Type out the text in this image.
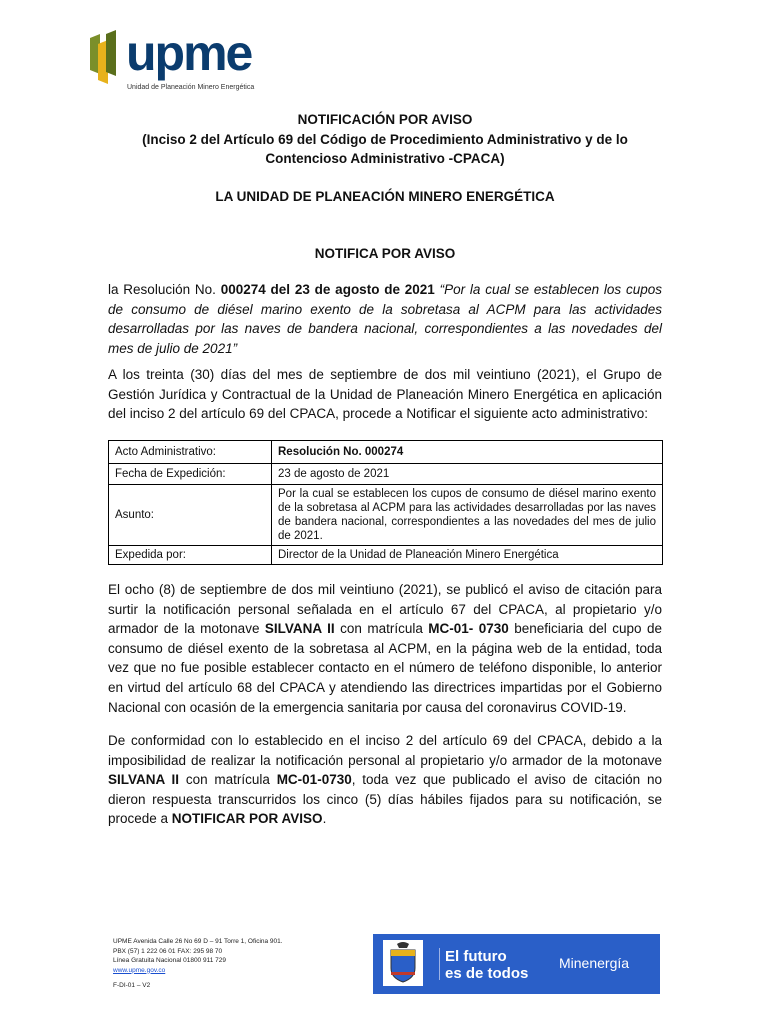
upme
Unidad de Planeación Minero Energética
NOTIFICACIÓN POR AVISO
(Inciso 2 del Artículo 69 del Código de Procedimiento Administrativo y de lo
Contencioso Administrativo -CPACA)
LA UNIDAD DE PLANEACIÓN MINERO ENERGÉTICA
NOTIFICA POR AVISO
la Resolución No. 000274 del 23 de agosto de 2021 “Por la cual se establecen los cupos de consumo de diésel marino exento de la sobretasa al ACPM para las actividades desarrolladas por las naves de bandera nacional, correspondientes a las novedades del mes de julio de 2021”
A los treinta (30) días del mes de septiembre de dos mil veintiuno (2021), el Grupo de Gestión Jurídica y Contractual de la Unidad de Planeación Minero Energética en aplicación del inciso 2 del artículo 69 del CPACA, procede a Notificar el siguiente acto administrativo:
Acto Administrativo:	Resolución No. 000274
Fecha de Expedición:	23 de agosto de 2021
Asunto:	Por la cual se establecen los cupos de consumo de diésel marino exento de la sobretasa al ACPM para las actividades desarrolladas por las naves de bandera nacional, correspondientes a las novedades del mes de julio de 2021.
Expedida por:	Director de la Unidad de Planeación Minero Energética
El ocho (8) de septiembre de dos mil veintiuno (2021), se publicó el aviso de citación para surtir la notificación personal señalada en el artículo 67 del CPACA, al propietario y/o armador de la motonave SILVANA II con matrícula MC-01- 0730 beneficiaria del cupo de consumo de diésel exento de la sobretasa al ACPM, en la página web de la entidad, toda vez que no fue posible establecer contacto en el número de teléfono disponible, lo anterior en virtud del artículo 68 del CPACA y atendiendo las directrices impartidas por el Gobierno Nacional con ocasión de la emergencia sanitaria por causa del coronavirus COVID-19.
De conformidad con lo establecido en el inciso 2 del artículo 69 del CPACA, debido a la imposibilidad de realizar la notificación personal al propietario y/o armador de la motonave SILVANA II con matrícula MC-01-0730, toda vez que publicado el aviso de citación no dieron respuesta transcurridos los cinco (5) días hábiles fijados para su notificación, se procede a NOTIFICAR POR AVISO.
UPME Avenida Calle 26 No 69 D – 91 Torre 1, Oficina 901.
PBX (57) 1 222 06 01 FAX: 295 98 70
Línea Gratuita Nacional 01800 911 729
www.upme.gov.co
F-DI-01 – V2
El futuro
es de todos
Minenergía
